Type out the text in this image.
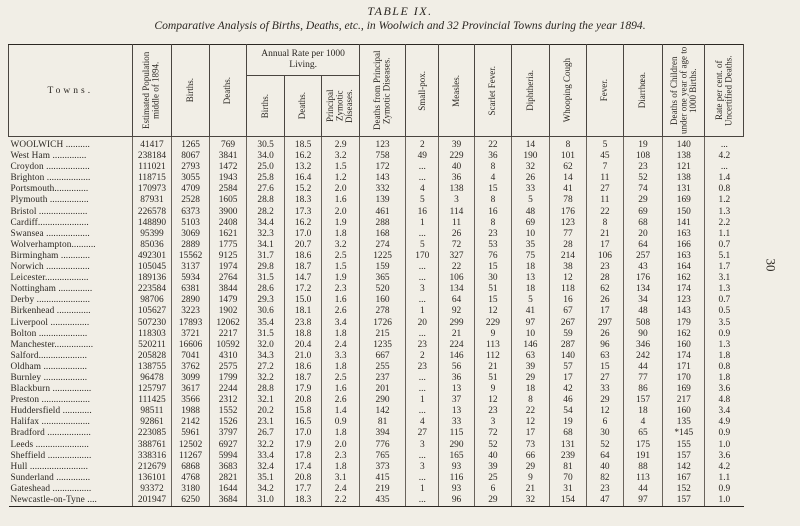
TABLE IX.
Comparative Analysis of Births, Deaths, etc., in Woolwich and 32 Provincial Towns during the year 1894.
30
Towns.	Estimated Population middle of 1894.	Births.	Deaths.	Annual Rate per 1000 Living.			Deaths from Principal Zymotic Diseases.	Small-pox.	Measles.	Scarlet Fever.	Diphtheria.	Whooping Cough	Fever.	Diarrhœa.	Deaths of Children under one year of age to 1000 Births.	Rate per cent. of Uncertified Deaths.

				Births.	Deaths.	Principal Zymotic Diseases.										

WOOLWICH ..........	41417	1265	769	30.5	18.5	2.9	123	2	39	22	14	8	5	19	140	...
West Ham ..............	238184	8067	3841	34.0	16.2	3.2	758	49	229	36	190	101	45	108	138	4.2
Croydon ..................	111021	2793	1472	25.0	13.2	1.5	172	...	40	8	32	62	7	23	121	...
Brighton ..................	118715	3055	1943	25.8	16.4	1.2	143	...	36	4	26	14	11	52	138	1.4
Portsmouth..............	170973	4709	2584	27.6	15.2	2.0	332	4	138	15	33	41	27	74	131	0.8
Plymouth ................	87931	2528	1605	28.8	18.3	1.6	139	5	3	8	5	78	11	29	169	1.2
Bristol ....................	226578	6373	3900	28.2	17.3	2.0	461	16	114	16	48	176	22	69	150	1.3
Cardiff.....................	148890	5103	2408	34.4	16.2	1.9	288	1	11	8	69	123	8	68	141	2.2
Swansea ..................	95399	3069	1621	32.3	17.0	1.8	168	...	26	23	10	77	21	20	163	1.1
Wolverhampton..........	85036	2889	1775	34.1	20.7	3.2	274	5	72	53	35	28	17	64	166	0.7
Birmingham ............	492301	15562	9125	31.7	18.6	2.5	1225	170	327	76	75	214	106	257	163	5.1
Norwich ..................	105045	3137	1974	29.8	18.7	1.5	159	...	22	15	18	38	23	43	164	1.7
Leicester..................	189136	5934	2764	31.5	14.7	1.9	365	...	106	30	13	12	28	176	162	3.1
Nottingham ..............	223584	6381	3844	28.6	17.2	2.3	520	3	134	51	18	118	62	134	174	1.3
Derby ......................	98706	2890	1479	29.3	15.0	1.6	160	...	64	15	5	16	26	34	123	0.7
Birkenhead ..............	105627	3223	1902	30.6	18.1	2.6	278	1	92	12	41	67	17	48	143	0.5
Liverpool ................	507230	17893	12062	35.4	23.8	3.4	1726	20	299	229	97	267	297	508	179	3.5
Bolton ....................	118303	3721	2217	31.5	18.8	1.8	215	...	21	9	10	59	26	90	162	0.9
Manchester................	520211	16606	10592	32.0	20.4	2.4	1235	23	224	113	146	287	96	346	160	1.3
Salford....................	205828	7041	4310	34.3	21.0	3.3	667	2	146	112	63	140	63	242	174	1.8
Oldham ..................	138755	3762	2575	27.2	18.6	1.8	255	23	56	21	39	57	15	44	171	0.8
Burnley ..................	96478	3099	1799	32.2	18.7	2.5	237	...	36	51	29	17	27	77	170	1.8
Blackburn ................	125797	3617	2244	28.8	17.9	1.6	201	...	13	9	18	42	33	86	169	3.6
Preston ....................	111425	3566	2312	32.1	20.8	2.6	290	1	37	12	8	46	29	157	217	4.8
Huddersfield ............	98511	1988	1552	20.2	15.8	1.4	142	...	13	23	22	54	12	18	160	3.4
Halifax ....................	92861	2142	1526	23.1	16.5	0.9	81	4	33	3	12	19	6	4	135	4.9
Bradford ..................	223085	5961	3797	26.7	17.0	1.8	394	27	115	72	17	68	30	65	*145	0.9
Leeds ......................	388761	12502	6927	32.2	17.9	2.0	776	3	290	52	73	131	52	175	155	1.0
Sheffield ..................	338316	11267	5994	33.4	17.8	2.3	765	...	165	40	66	239	64	191	157	3.6
Hull ........................	212679	6868	3683	32.4	17.4	1.8	373	3	93	39	29	81	40	88	142	4.2
Sunderland ..............	136101	4768	2821	35.1	20.8	3.1	415	...	116	25	9	70	82	113	167	1.1
Gateshead ................	93372	3180	1644	34.2	17.7	2.4	219	1	93	6	21	31	23	44	152	0.9
Newcastle-on-Tyne ....	201947	6250	3684	31.0	18.3	2.2	435	...	96	29	32	154	47	97	157	1.0
